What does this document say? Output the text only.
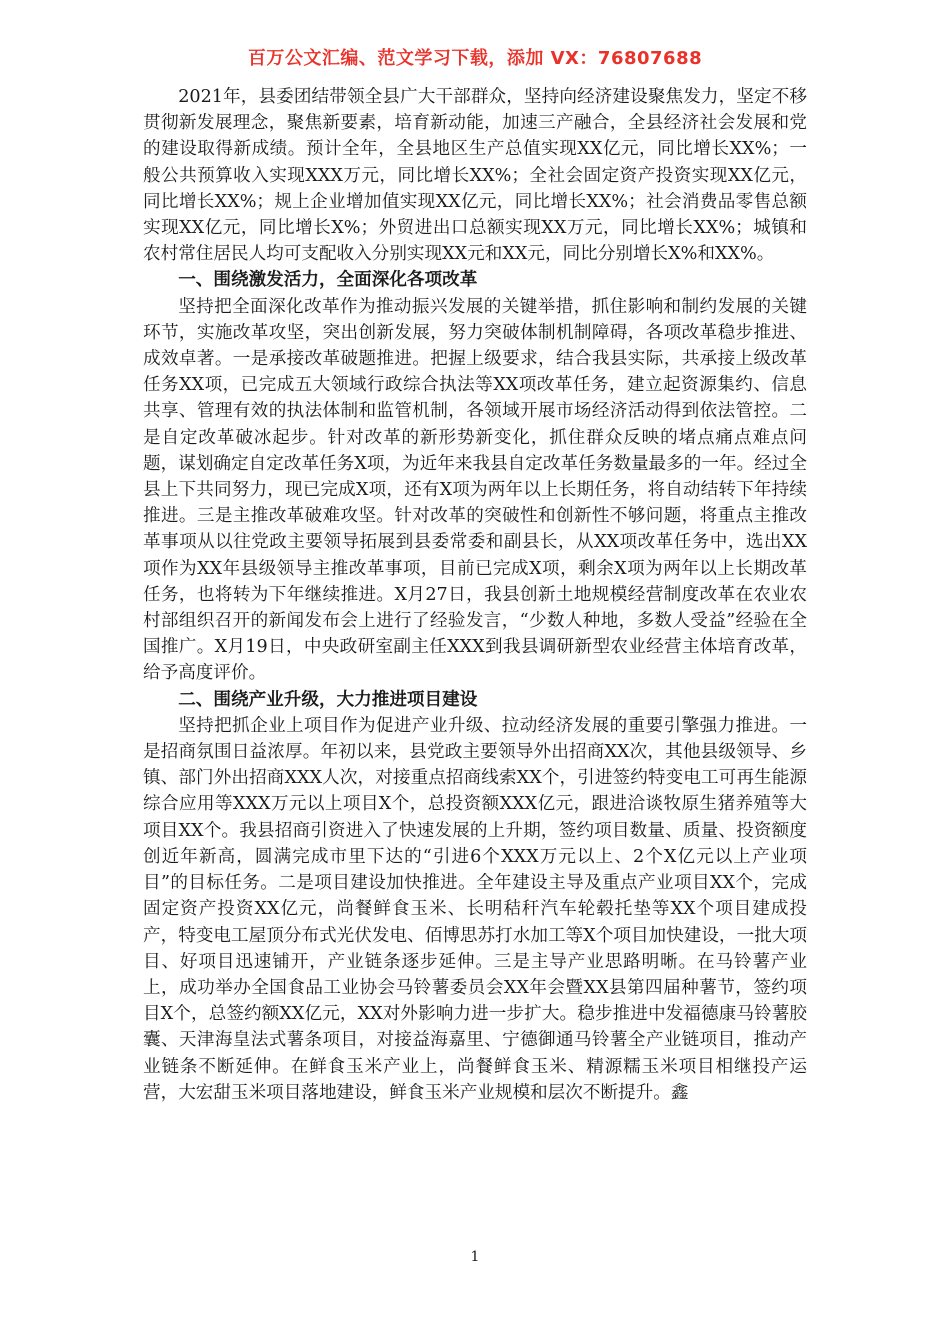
百万公文汇编、范文学习下载，添加 VX：76807688

2021年，县委团结带领全县广大干部群众，坚持向经济建设聚焦发力，坚定不移贯彻新发展理念，聚焦新要素，培育新动能，加速三产融合，全县经济社会发展和党的建设取得新成绩。预计全年，全县地区生产总值实现XX亿元，同比增长XX%；一般公共预算收入实现XXX万元，同比增长XX%；全社会固定资产投资实现XX亿元，同比增长XX%；规上企业增加值实现XX亿元，同比增长XX%；社会消费品零售总额实现XX亿元，同比增长X%；外贸进出口总额实现XX万元，同比增长XX%；城镇和农村常住居民人均可支配收入分别实现XX元和XX元，同比分别增长X%和XX%。

一、围绕激发活力，全面深化各项改革

坚持把全面深化改革作为推动振兴发展的关键举措，抓住影响和制约发展的关键环节，实施改革攻坚，突出创新发展，努力突破体制机制障碍，各项改革稳步推进、成效卓著。一是承接改革破题推进。把握上级要求，结合我县实际，共承接上级改革任务XX项，已完成五大领域行政综合执法等XX项改革任务，建立起资源集约、信息共享、管理有效的执法体制和监管机制，各领域开展市场经济活动得到依法管控。二是自定改革破冰起步。针对改革的新形势新变化，抓住群众反映的堵点痛点难点问题，谋划确定自定改革任务X项，为近年来我县自定改革任务数量最多的一年。经过全县上下共同努力，现已完成X项，还有X项为两年以上长期任务，将自动结转下年持续推进。三是主推改革破难攻坚。针对改革的突破性和创新性不够问题，将重点主推改革事项从以往党政主要领导拓展到县委常委和副县长，从XX项改革任务中，选出XX项作为XX年县级领导主推改革事项，目前已完成X项，剩余X项为两年以上长期改革任务，也将转为下年继续推进。X月27日，我县创新土地规模经营制度改革在农业农村部组织召开的新闻发布会上进行了经验发言，“少数人种地，多数人受益”经验在全国推广。X月19日，中央政研室副主任XXX到我县调研新型农业经营主体培育改革，给予高度评价。

二、围绕产业升级，大力推进项目建设

坚持把抓企业上项目作为促进产业升级、拉动经济发展的重要引擎强力推进。一是招商氛围日益浓厚。年初以来，县党政主要领导外出招商XX次，其他县级领导、乡镇、部门外出招商XXX人次，对接重点招商线索XX个，引进签约特变电工可再生能源综合应用等XXX万元以上项目X个，总投资额XXX亿元，跟进洽谈牧原生猪养殖等大项目XX个。我县招商引资进入了快速发展的上升期，签约项目数量、质量、投资额度创近年新高，圆满完成市里下达的“引进6个XXX万元以上、2个X亿元以上产业项目”的目标任务。二是项目建设加快推进。全年建设主导及重点产业项目XX个，完成固定资产投资XX亿元，尚餐鲜食玉米、长明秸秆汽车轮毂托垫等XX个项目建成投产，特变电工屋顶分布式光伏发电、佰博思苏打水加工等X个项目加快建设，一批大项目、好项目迅速铺开，产业链条逐步延伸。三是主导产业思路明晰。在马铃薯产业上，成功举办全国食品工业协会马铃薯委员会XX年会暨XX县第四届种薯节，签约项目X个，总签约额XX亿元，XX对外影响力进一步扩大。稳步推进中发福德康马铃薯胶囊、天津海皇法式薯条项目，对接益海嘉里、宁德御通马铃薯全产业链项目，推动产业链条不断延伸。在鲜食玉米产业上，尚餐鲜食玉米、精源糯玉米项目相继投产运营，大宏甜玉米项目落地建设，鲜食玉米产业规模和层次不断提升。鑫

1
